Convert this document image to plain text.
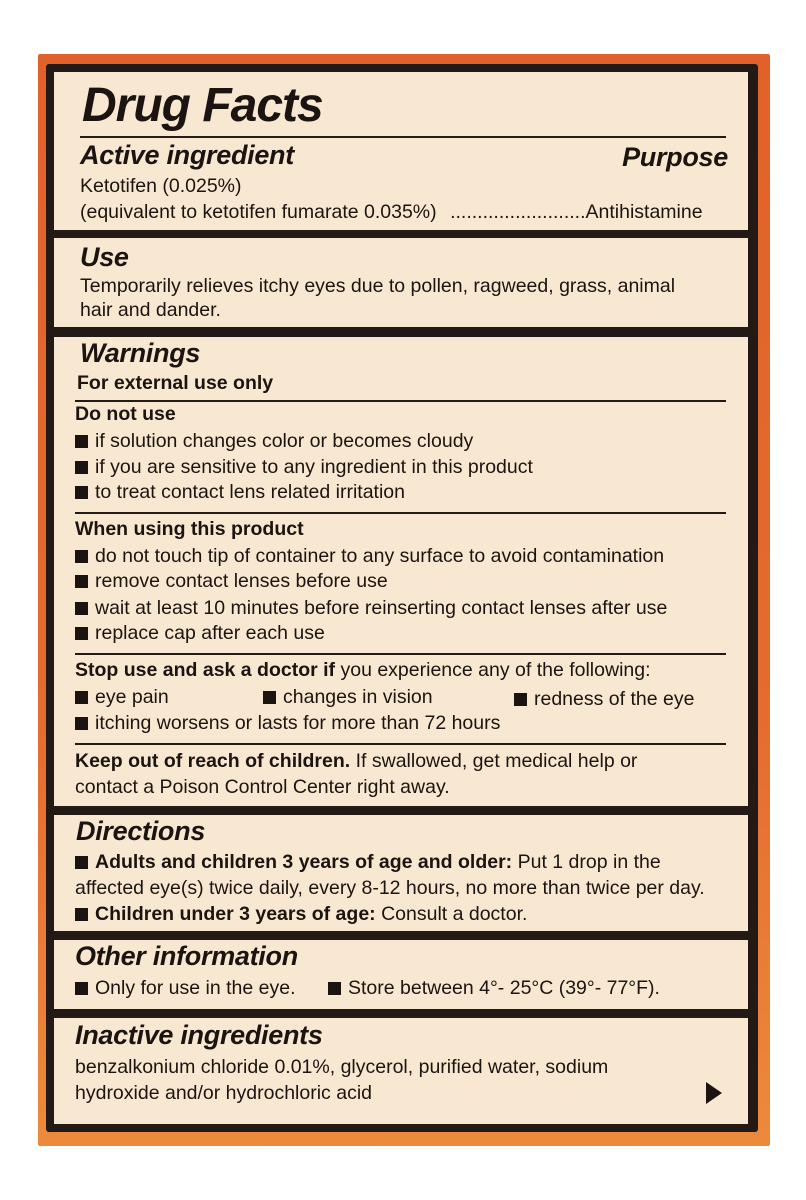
Drug Facts
Active ingredient	Purpose
Ketotifen (0.025%)
(equivalent to ketotifen fumarate 0.035%) .........................Antihistamine
Use
Temporarily relieves itchy eyes due to pollen, ragweed, grass, animal
hair and dander.
Warnings
For external use only
Do not use
if solution changes color or becomes cloudy
if you are sensitive to any ingredient in this product
to treat contact lens related irritation
When using this product
do not touch tip of container to any surface to avoid contamination
remove contact lenses before use
wait at least 10 minutes before reinserting contact lenses after use
replace cap after each use
Stop use and ask a doctor if you experience any of the following:
eye pain	changes in vision	redness of the eye
itching worsens or lasts for more than 72 hours
Keep out of reach of children. If swallowed, get medical help or
contact a Poison Control Center right away.
Directions
Adults and children 3 years of age and older: Put 1 drop in the
affected eye(s) twice daily, every 8-12 hours, no more than twice per day.
Children under 3 years of age: Consult a doctor.
Other information
Only for use in the eye.	Store between 4°- 25°C (39°- 77°F).
Inactive ingredients
benzalkonium chloride 0.01%, glycerol, purified water, sodium
hydroxide and/or hydrochloric acid
